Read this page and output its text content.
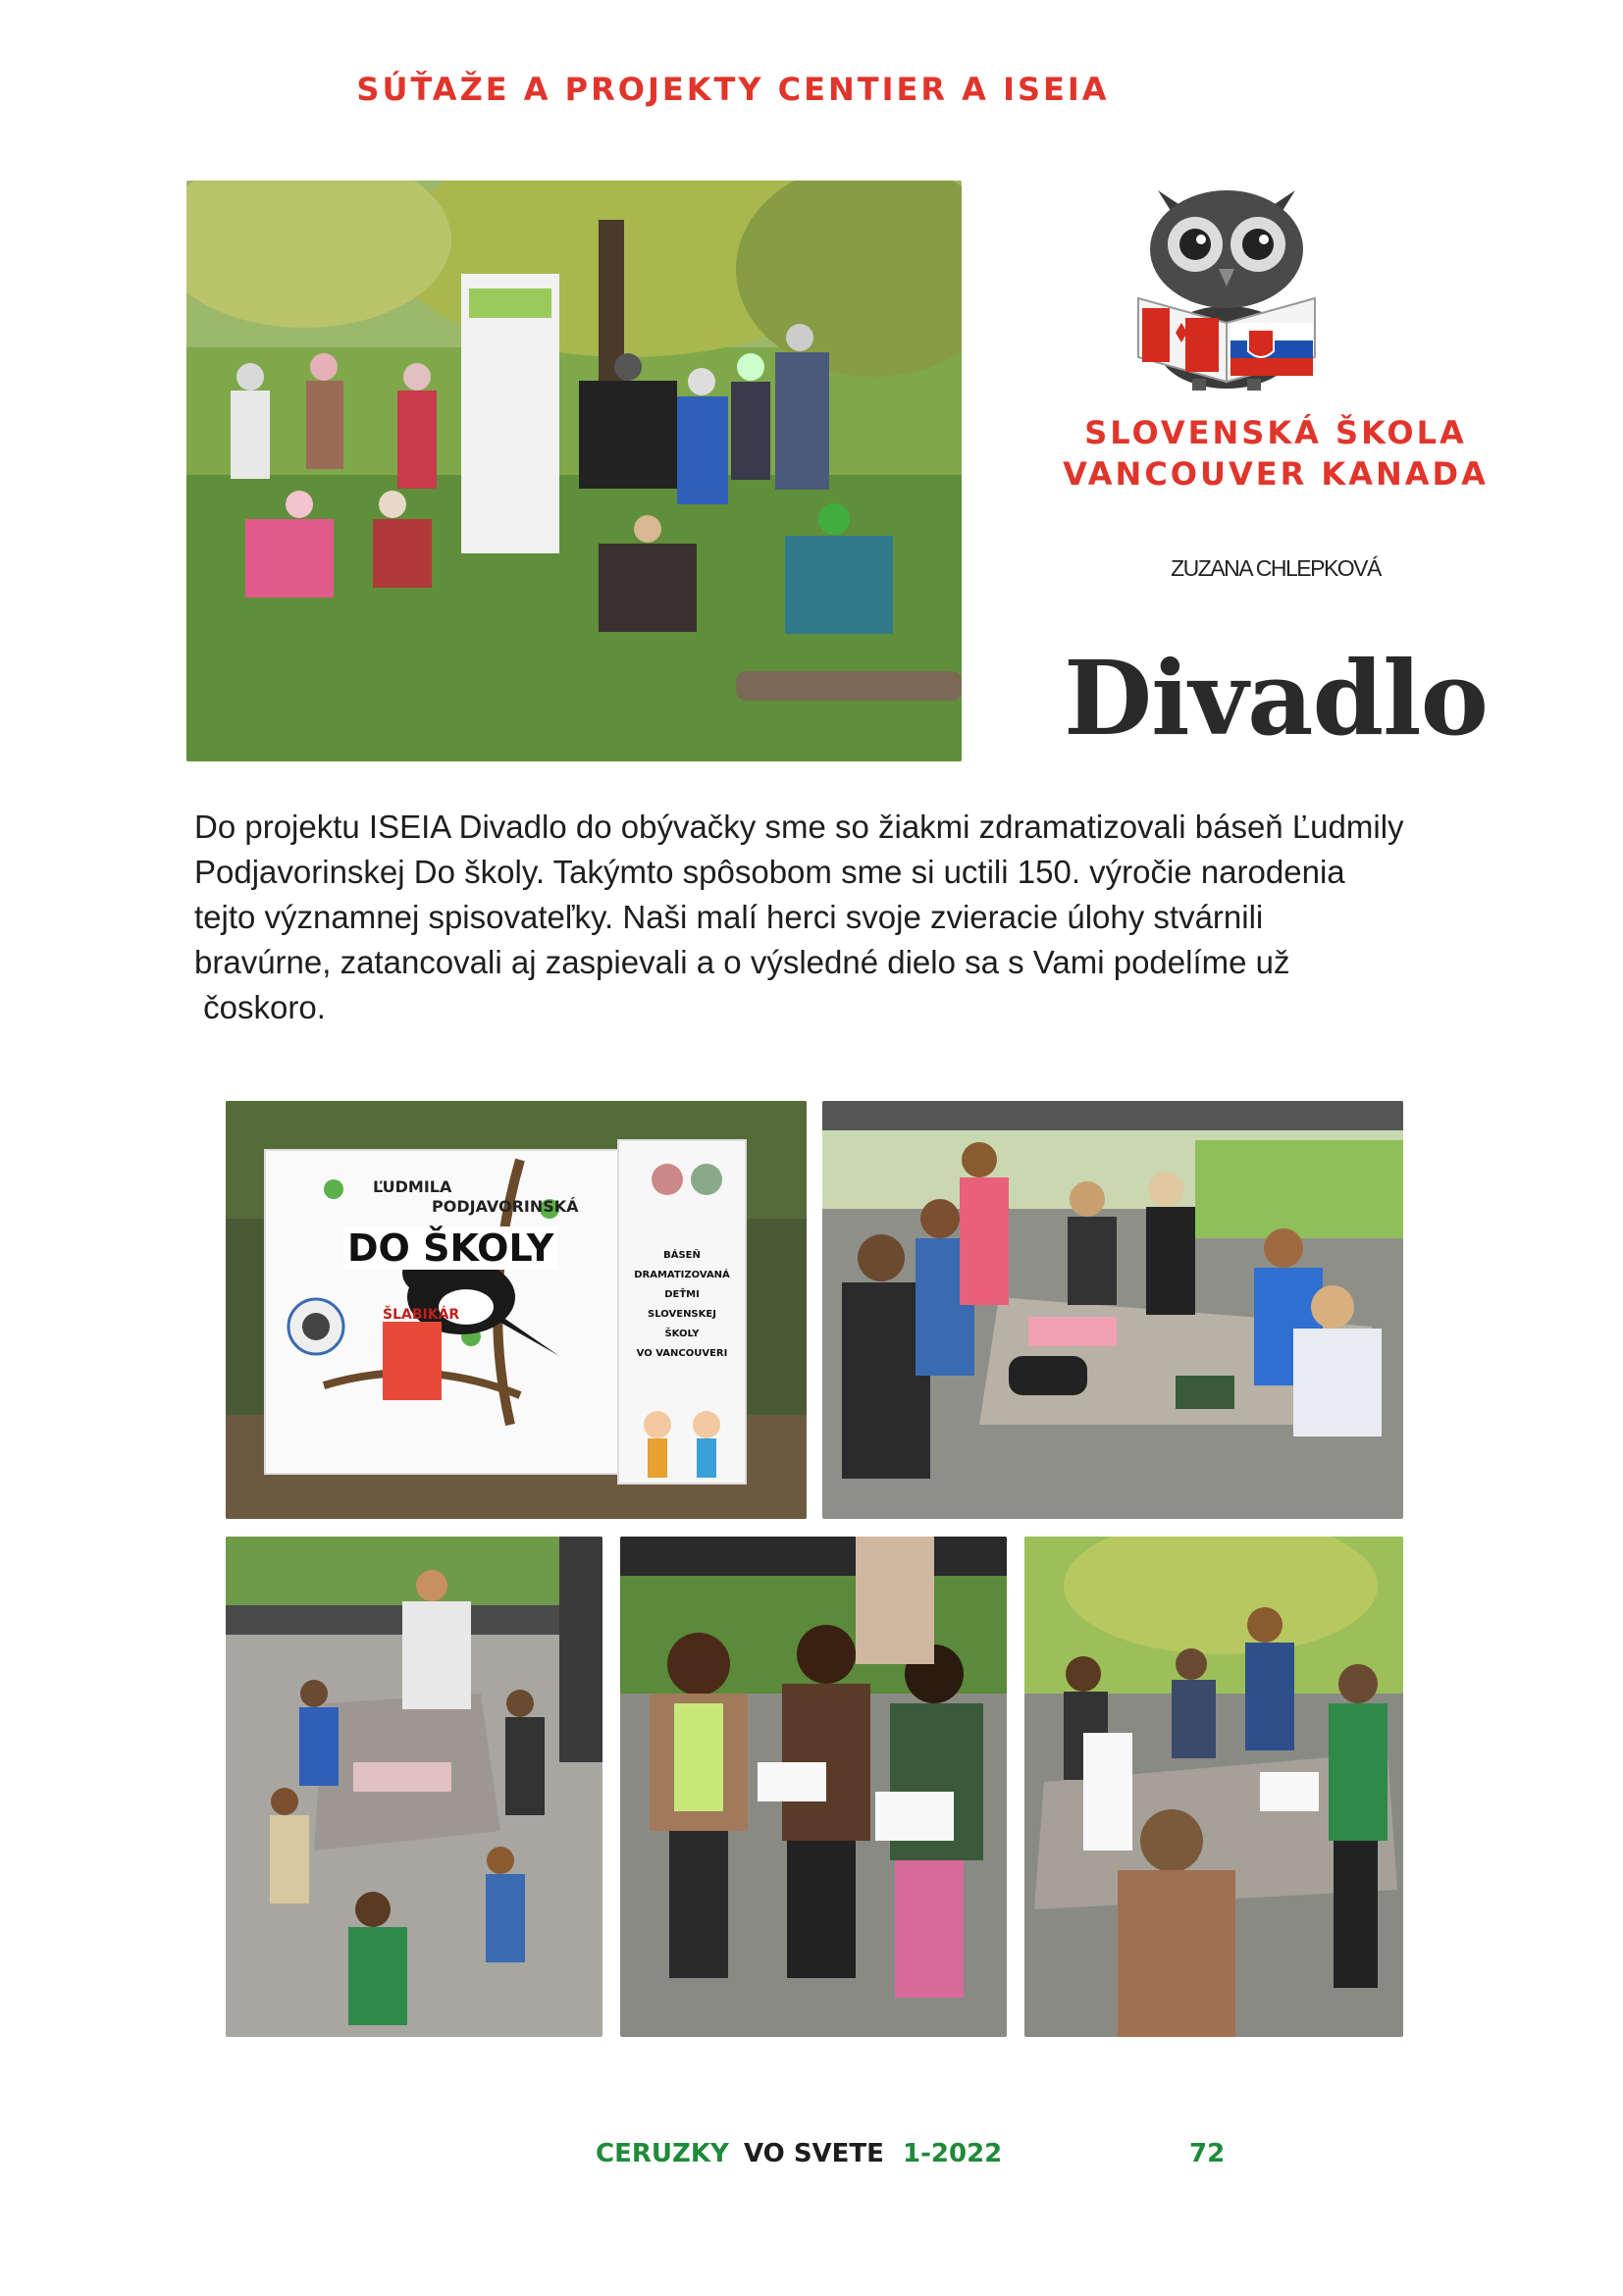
SÚŤAŽE A PROJEKTY CENTIER A ISEIA
SLOVENSKÁ ŠKOLA
VANCOUVER KANADA
ZUZANA CHLEPKOVÁ
Divadlo
Do projektu ISEIA Divadlo do obývačky sme so žiakmi zdramatizovali báseň Ľudmily
Podjavorinskej Do školy. Takýmto spôsobom sme si uctili 150. výročie narodenia
tejto významnej spisovateľky. Naši malí herci svoje zvieracie úlohy stvárnili
bravúrne, zatancovali aj zaspievali a o výsledné dielo sa s Vami podelíme už
čoskoro.
ĽUDMILA
PODJAVORINSKÁ
DO ŠKOLY
ŠLABIKÁR
BÁSEŇ
DRAMATIZOVANÁ
DEŤMI
SLOVENSKEJ
ŠKOLY
VO VANCOUVERI
CERUZKY VO SVETE 1-2022	72
